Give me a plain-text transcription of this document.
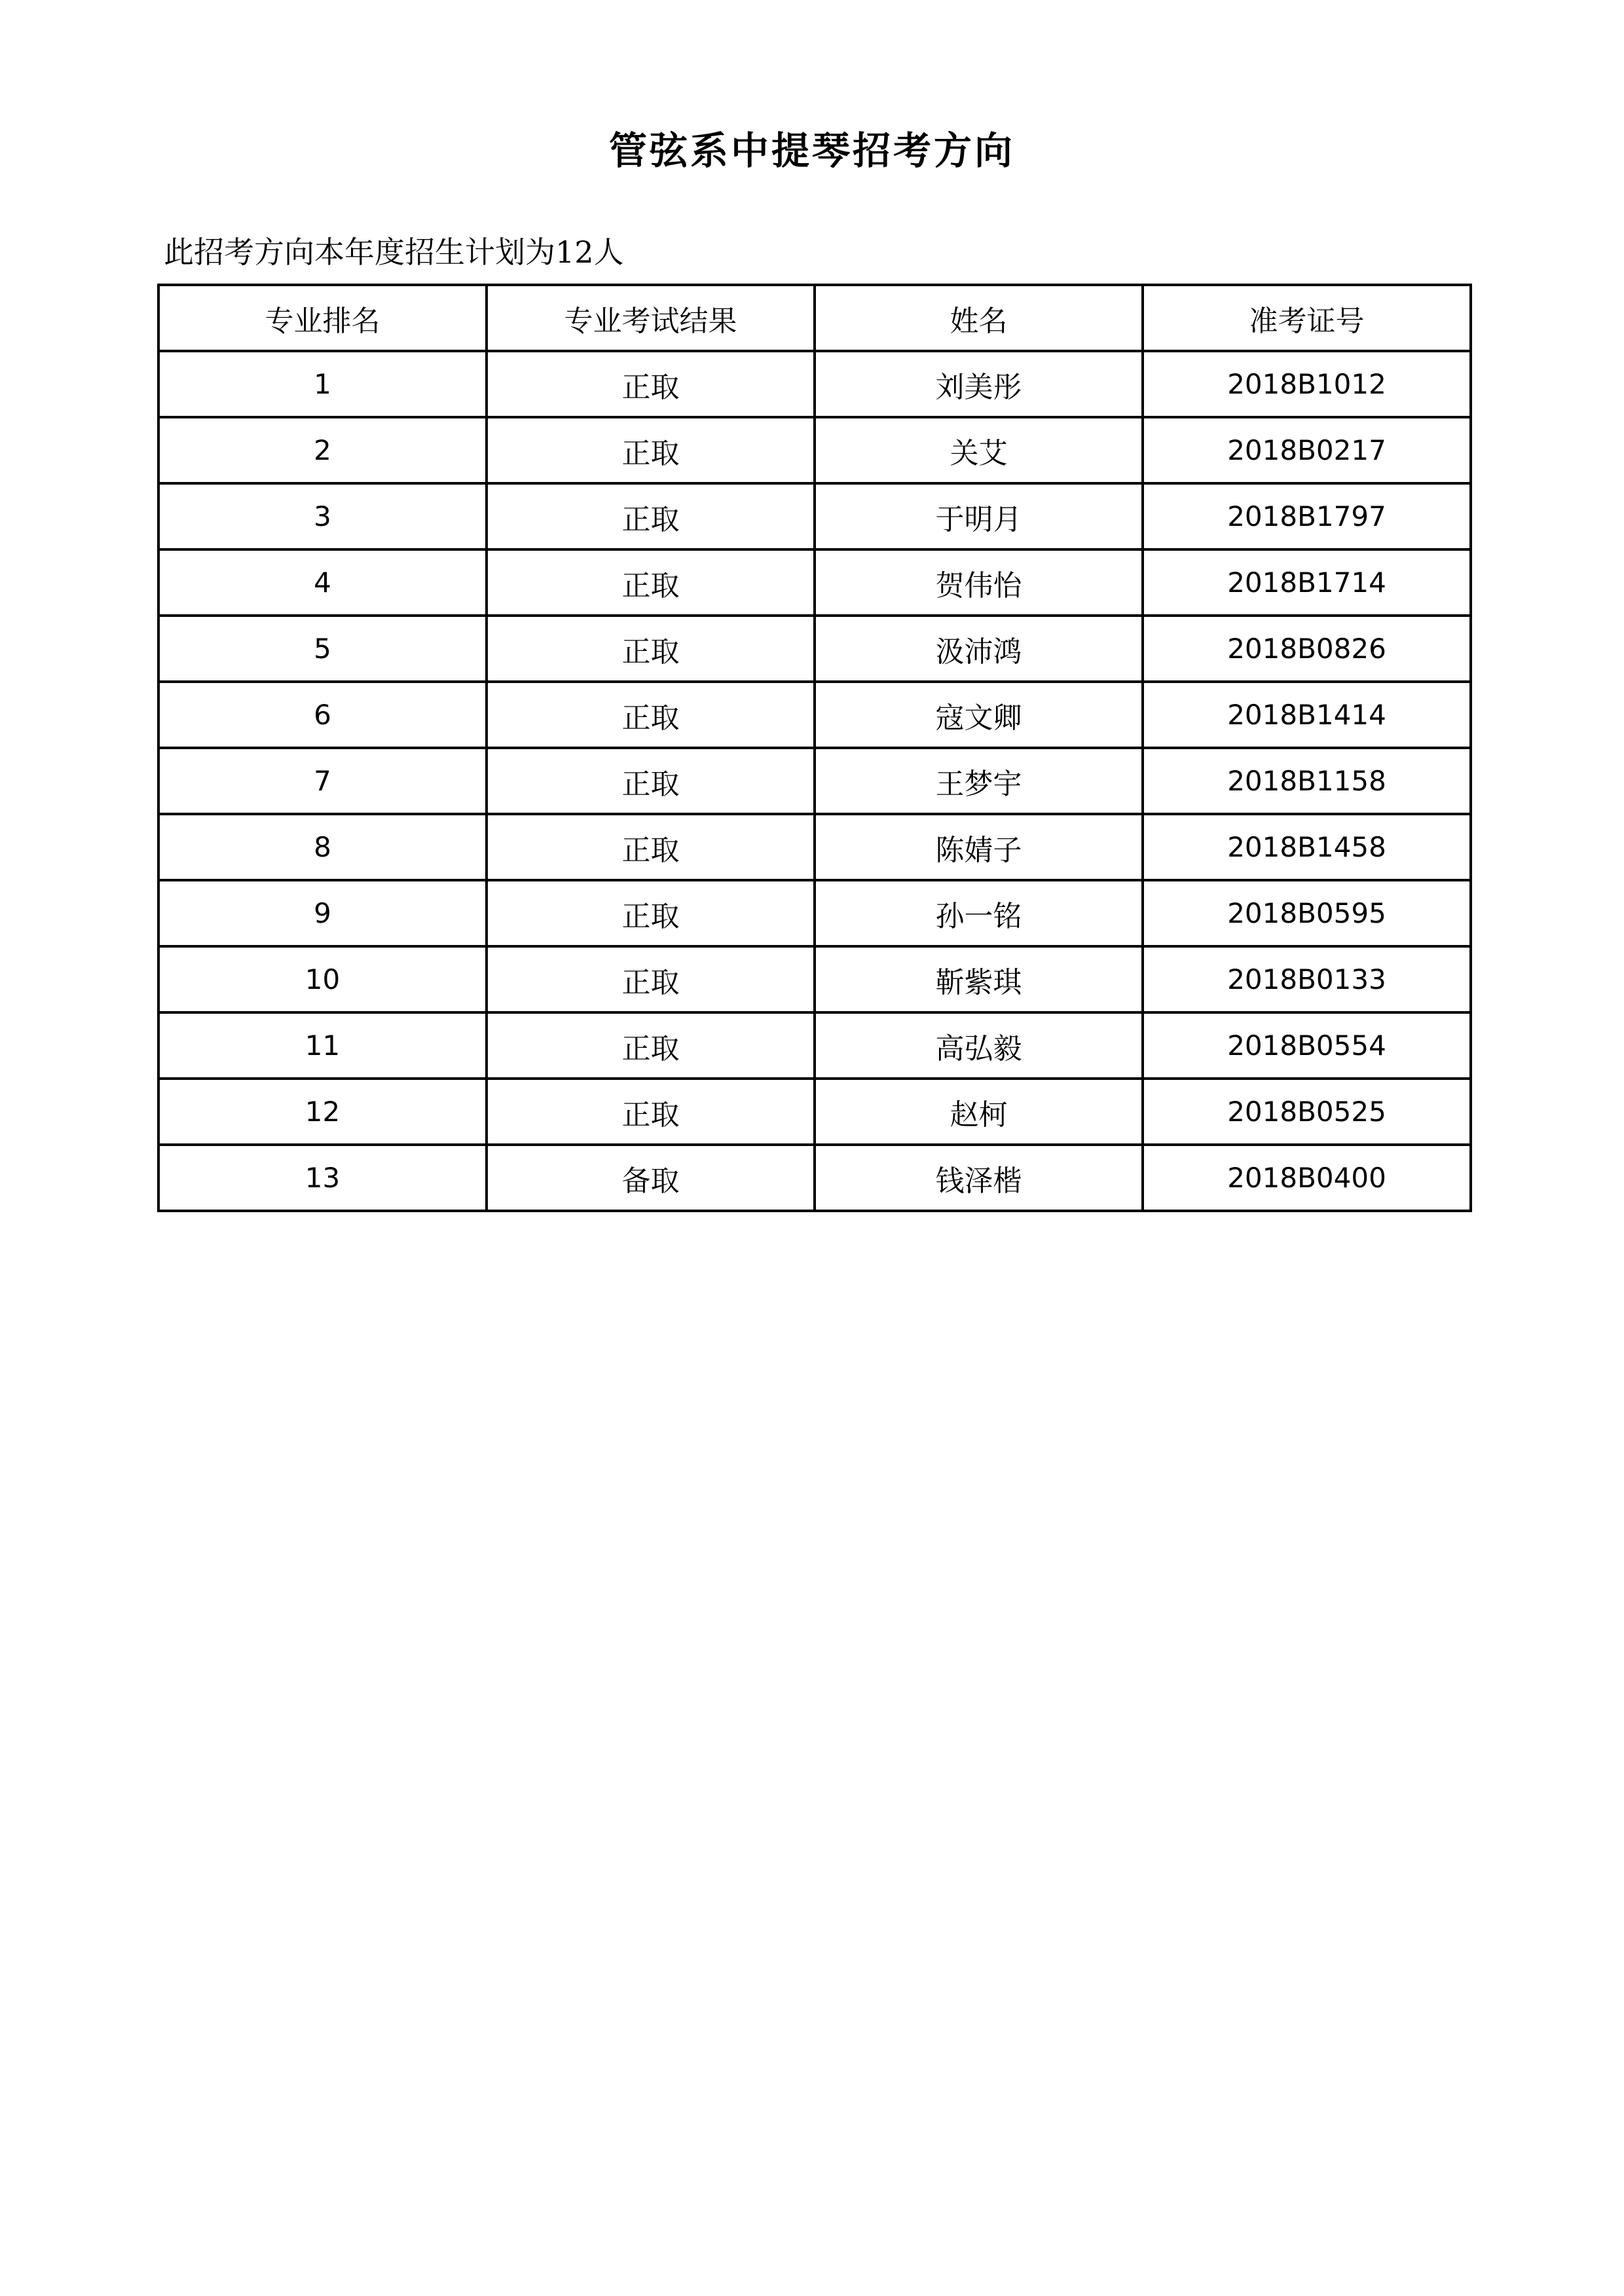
管弦系中提琴招考方向
此招考方向本年度招生计划为12人
专业排名	专业考试结果	姓名	准考证号
1	正取	刘美彤	2018B1012
2	正取	关艾	2018B0217
3	正取	于明月	2018B1797
4	正取	贺伟怡	2018B1714
5	正取	汲沛鸿	2018B0826
6	正取	寇文卿	2018B1414
7	正取	王梦宇	2018B1158
8	正取	陈婧子	2018B1458
9	正取	孙一铭	2018B0595
10	正取	靳紫琪	2018B0133
11	正取	高弘毅	2018B0554
12	正取	赵柯	2018B0525
13	备取	钱泽楷	2018B0400
